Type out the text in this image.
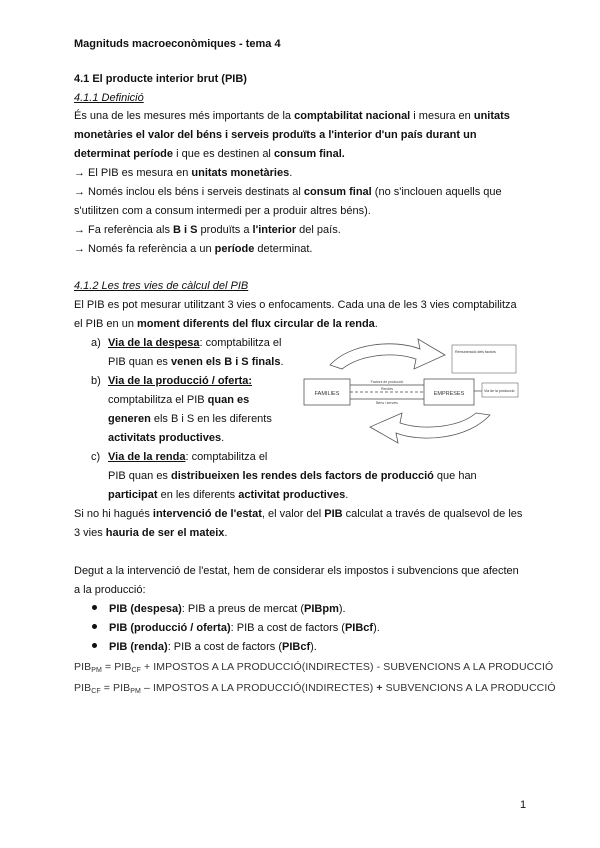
Magnituds macroeconòmiques - tema 4
4.1 El producte interior brut (PIB)
4.1.1 Definició
És una de les mesures més importants de la comptabilitat nacional i mesura en unitats
monetàries el valor del béns i serveis produïts a l'interior d'un país durant un
determinat període i que es destinen al consum final.
→ El PIB es mesura en unitats monetàries.
→ Només inclou els béns i serveis destinats al consum final (no s'inclouen aquells que
s'utilitzen com a consum intermedi per a produir altres béns).
→ Fa referència als B i S produïts a l'interior del país.
→ Només fa referència a un període determinat.
4.1.2 Les tres vies de càlcul del PIB
El PIB es pot mesurar utilitzant 3 vies o enfocaments. Cada una de les 3 vies comptabilitza
el PIB en un moment diferents del flux circular de la renda.
a) Via de la despesa: comptabilitza el
PIB quan es venen els B i S finals.
b) Via de la producció / oferta:
comptabilitza el PIB quan es
generen els B i S en les diferents
activitats productives.
c) Via de la renda: comptabilitza el
PIB quan es distribueixen les rendes dels factors de producció que han
participat en les diferents activitat productives.
Si no hi hagués intervenció de l'estat, el valor del PIB calculat a través de qualsevol de les
3 vies hauria de ser el mateix.
Degut a la intervenció de l'estat, hem de considerar els impostos i subvencions que afecten
a la producció:
PIB (despesa): PIB a preus de mercat (PIBpm).
PIB (producció / oferta): PIB a cost de factors (PIBcf).
PIB (renda): PIB a cost de factors (PIBcf).
$PIB_{PM} = PIB_{CF}$ + IMPOSTOS A LA PRODUCCIÓ(INDIRECTES) - SUBVENCIONS A LA PRODUCCIÓ
$PIB_{CF} = PIB_{PM}$ – IMPOSTOS A LA PRODUCCIÓ(INDIRECTES) + SUBVENCIONS A LA PRODUCCIÓ
FAMILIES	EMPRESES
Factors de producció
Rendes
Béns i serveis
Remuneració dels factors
Via de la producció
1
